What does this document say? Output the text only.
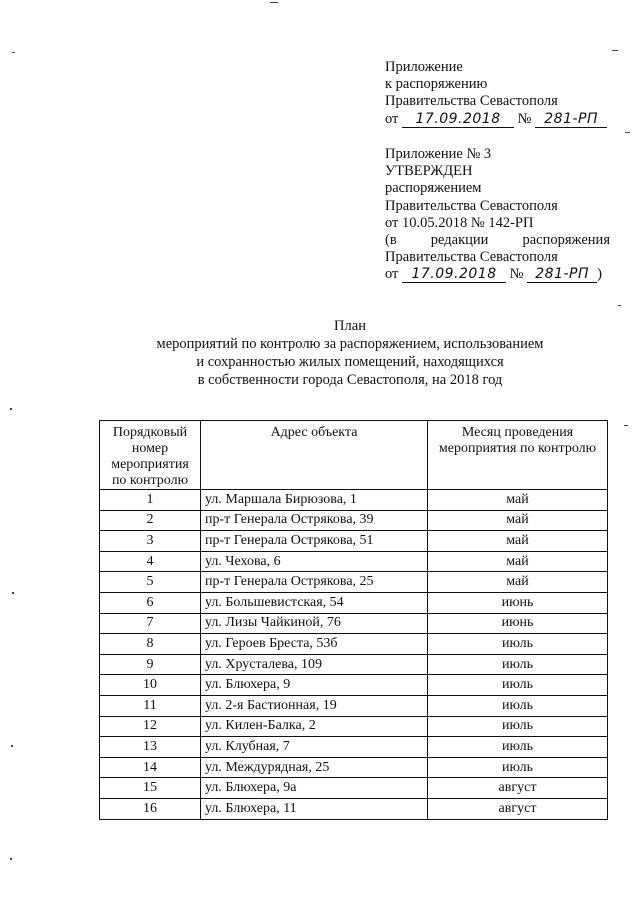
Приложение
к распоряжению
Правительства Севастополя
от 17.09.2018 № 281-РП
Приложение № 3
УТВЕРЖДЕН
распоряжением
Правительства Севастополя
от 10.05.2018 № 142-РП
(в редакции распоряжения
Правительства Севастополя
от 17.09.2018 № 281-РП )
План
мероприятий по контролю за распоряжением, использованием
и сохранностью жилых помещений, находящихся
в собственности города Севастополя, на 2018 год
Порядковый номер мероприятия по контролю	Адрес объекта	Месяц проведения мероприятия по контролю
1	ул. Маршала Бирюзова, 1	май
2	пр-т Генерала Острякова, 39	май
3	пр-т Генерала Острякова, 51	май
4	ул. Чехова, 6	май
5	пр-т Генерала Острякова, 25	май
6	ул. Большевистская, 54	июнь
7	ул. Лизы Чайкиной, 76	июнь
8	ул. Героев Бреста, 53б	июль
9	ул. Хрусталева, 109	июль
10	ул. Блюхера, 9	июль
11	ул. 2-я Бастионная, 19	июль
12	ул. Килен-Балка, 2	июль
13	ул. Клубная, 7	июль
14	ул. Междурядная, 25	июль
15	ул. Блюхера, 9а	август
16	ул. Блюхера, 11	август
